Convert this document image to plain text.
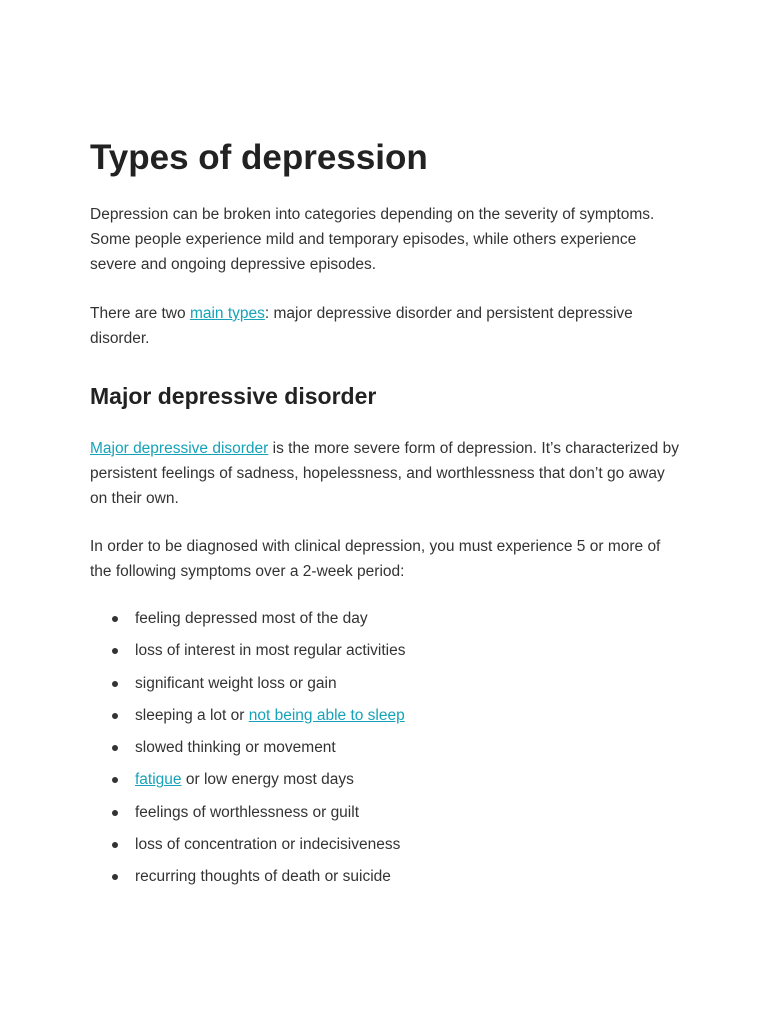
Types of depression

Depression can be broken into categories depending on the severity of symptoms. Some people experience mild and temporary episodes, while others experience severe and ongoing depressive episodes.

There are two main types: major depressive disorder and persistent depressive disorder.

Major depressive disorder

Major depressive disorder is the more severe form of depression. It’s characterized by persistent feelings of sadness, hopelessness, and worthlessness that don’t go away on their own.

In order to be diagnosed with clinical depression, you must experience 5 or more of the following symptoms over a 2-week period:

feeling depressed most of the day
loss of interest in most regular activities
significant weight loss or gain
sleeping a lot or not being able to sleep
slowed thinking or movement
fatigue or low energy most days
feelings of worthlessness or guilt
loss of concentration or indecisiveness
recurring thoughts of death or suicide
